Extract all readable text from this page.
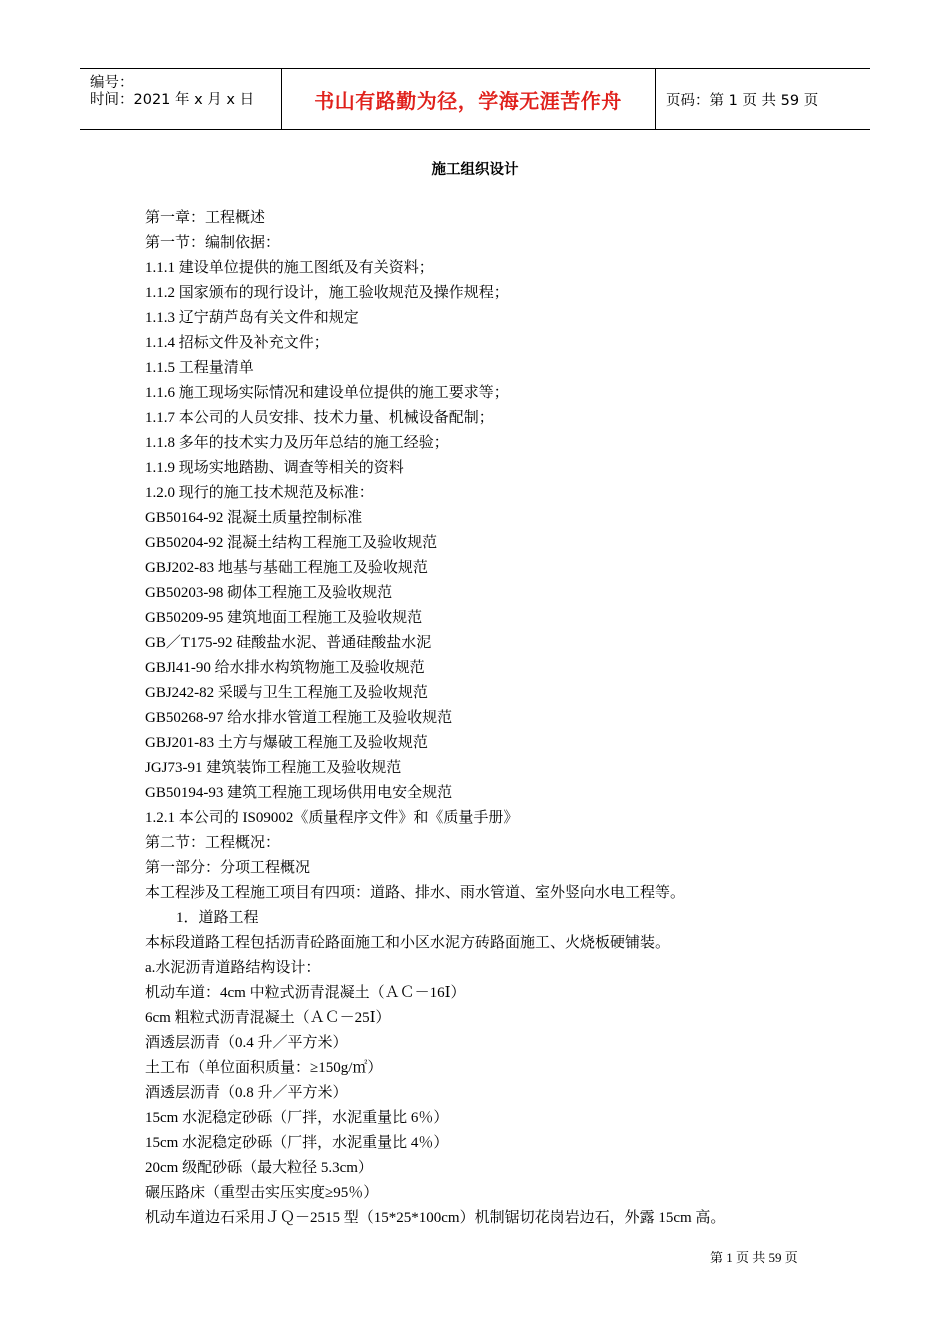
编号：
时间：2021 年 x 月 x 日	书山有路勤为径，学海无涯苦作舟	页码：第 1 页 共 59 页
施工组织设计
第一章：工程概述
第一节：编制依据：
1.1.1 建设单位提供的施工图纸及有关资料；
1.1.2 国家颁布的现行设计，施工验收规范及操作规程；
1.1.3 辽宁葫芦岛有关文件和规定
1.1.4 招标文件及补充文件；
1.1.5 工程量清单
1.1.6 施工现场实际情况和建设单位提供的施工要求等；
1.1.7 本公司的人员安排、技术力量、机械设备配制；
1.1.8 多年的技术实力及历年总结的施工经验；
1.1.9 现场实地踏勘、调查等相关的资料
1.2.0 现行的施工技术规范及标准：
GB50164-92 混凝土质量控制标准
GB50204-92 混凝土结构工程施工及验收规范
GBJ202-83 地基与基础工程施工及验收规范
GB50203-98 砌体工程施工及验收规范
GB50209-95 建筑地面工程施工及验收规范
GB／T175-92 硅酸盐水泥、普通硅酸盐水泥
GBJl41-90 给水排水构筑物施工及验收规范
GBJ242-82 采暖与卫生工程施工及验收规范
GB50268-97 给水排水管道工程施工及验收规范
GBJ201-83 土方与爆破工程施工及验收规范
JGJ73-91 建筑装饰工程施工及验收规范
GB50194-93 建筑工程施工现场供用电安全规范
1.2.1 本公司的 IS09002《质量程序文件》和《质量手册》
第二节：工程概况：
第一部分：分项工程概况
本工程涉及工程施工项目有四项：道路、排水、雨水管道、室外竖向水电工程等。
1．道路工程
本标段道路工程包括沥青砼路面施工和小区水泥方砖路面施工、火烧板硬铺装。
a.水泥沥青道路结构设计：
机动车道：4cm 中粒式沥青混凝土（ＡＣ－16Ⅰ）
6cm 粗粒式沥青混凝土（ＡＣ－25Ⅰ）
酒透层沥青（0.4 升／平方米）
土工布（单位面积质量：≥150g/㎡）
酒透层沥青（0.8 升／平方米）
15cm 水泥稳定砂砾（厂拌，水泥重量比 6％）
15cm 水泥稳定砂砾（厂拌，水泥重量比 4％）
20cm 级配砂砾（最大粒径 5.3cm）
碾压路床（重型击实压实度≥95％）
机动车道边石采用ＪＱ－2515 型（15*25*100cm）机制锯切花岗岩边石，外露 15cm 高。
第 1 页 共 59 页
